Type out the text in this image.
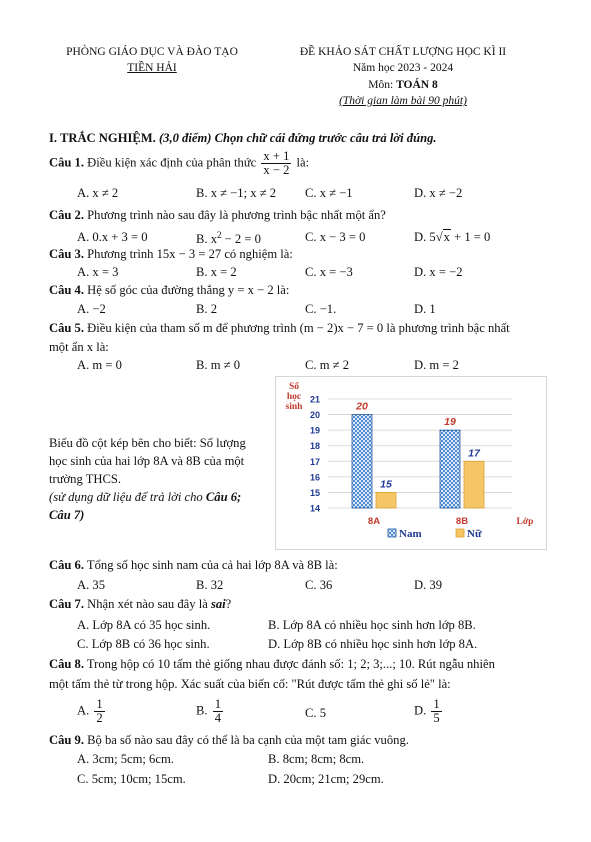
PHÒNG GIÁO DỤC VÀ ĐÀO TẠO
TIỀN HẢI
ĐỀ KHẢO SÁT CHẤT LƯỢNG HỌC KÌ II
Năm học 2023 - 2024
Môn: TOÁN 8
(Thời gian làm bài 90 phút)
I. TRẮC NGHIỆM. (3,0 điểm) Chọn chữ cái đứng trước câu trả lời đúng.
Câu 1. Điều kiện xác định của phân thức $\frac{x + 1}{x - 2}$ là:
A. x ≠ 2	B. x ≠ −1; x ≠ 2 C. x ≠ −1	D. x ≠ −2
Câu 2. Phương trình nào sau đây là phương trình bậc nhất một ẩn?
A. 0.x + 3 = 0	B. $x^2 - 2 = 0$	C. x − 3 = 0	D. 5√x + 1 = 0
Câu 3. Phương trình 15x − 3 = 27 có nghiệm là:
A. x = 3	B. x = 2	C. x = −3	D. x = −2
Câu 4. Hệ số góc của đường thẳng y = x − 2 là:
A. −2	B. 2	C. −1.	D. 1
Câu 5. Điều kiện của tham số m để phương trình (m − 2)x − 7 = 0 là phương trình bậc nhất
một ẩn x là:
A. m = 0	B. m ≠ 0	C. m ≠ 2	D. m = 2
Biểu đồ cột kép bên cho biết: Số lượng
học sinh của hai lớp 8A và 8B của một
trường THCS.
(sử dụng dữ liệu để trả lời cho Câu 6;
Câu 7)
Số
học
sinh
14
15
16
17
18
19
20
21
20
15
8A
19
17
8B	Lớp
Nam	Nữ
Câu 6. Tổng số học sinh nam của cả hai lớp 8A và 8B là:
A. 35	B. 32	C. 36	D. 39
Câu 7. Nhận xét nào sau đây là sai?
A. Lớp 8A có 35 học sinh.	B. Lớp 8A có nhiều học sinh hơn lớp 8B.
C. Lớp 8B có 36 học sinh.	D. Lớp 8B có nhiều học sinh hơn lớp 8A.
Câu 8. Trong hộp có 10 tấm thẻ giống nhau được đánh số: 1; 2; 3;...; 10. Rút ngẫu nhiên
một tấm thẻ từ trong hộp. Xác suất của biến cố: "Rút được tấm thẻ ghi số lẻ" là:
A. $\frac{1}{2}$	B. $\frac{1}{4}$	C. 5	D. $\frac{1}{5}$
Câu 9. Bộ ba số nào sau đây có thể là ba cạnh của một tam giác vuông.
A. 3cm; 5cm; 6cm.	B. 8cm; 8cm; 8cm.
C. 5cm; 10cm; 15cm.	D. 20cm; 21cm; 29cm.
